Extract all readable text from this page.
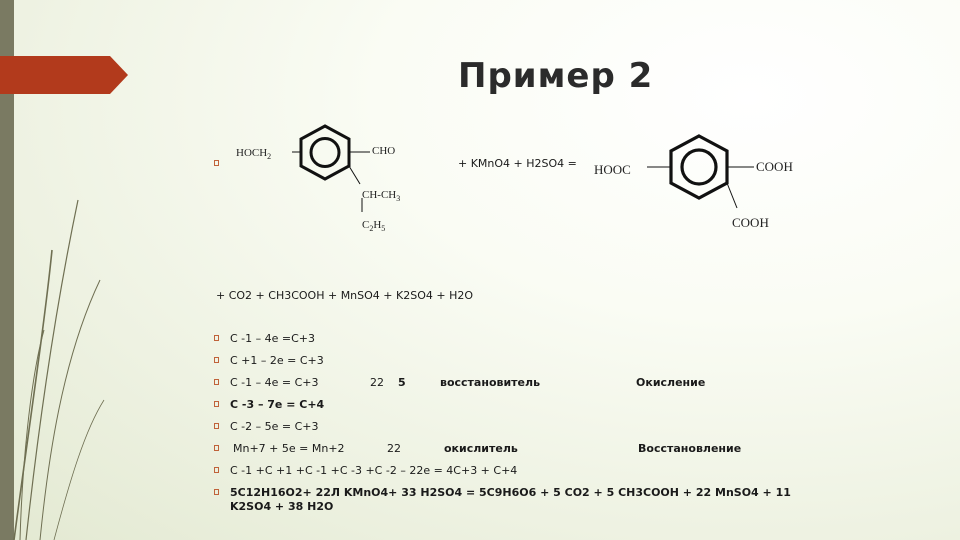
Пример 2
$HOCH_2$	CHO
$CH-CH_3$
$C_2H_5$
HOOC	COOH
COOH
+ KMnO4 + H2SO4 =
+ CO2 + CH3COOH + MnSO4 + K2SO4 + H2O
C -1 – 4e =C+3
C +1 – 2e = C+3
C -1 – 4e = C+3	22 5	восстановитель	Окисление
C -3 – 7e = C+4
C -2 – 5e = C+3
Mn+7 + 5e = Mn+2	22	окислитель	Восстановление
C -1 +C +1 +C -1 +C -3 +C -2 – 22e = 4C+3 + C+4
5C12H16O2+ 22Л KMnO4+ 33 H2SO4 = 5C9H6O6 + 5 CO2 + 5 CH3COOH + 22 MnSO4 + 11
K2SO4 + 38 H2O
